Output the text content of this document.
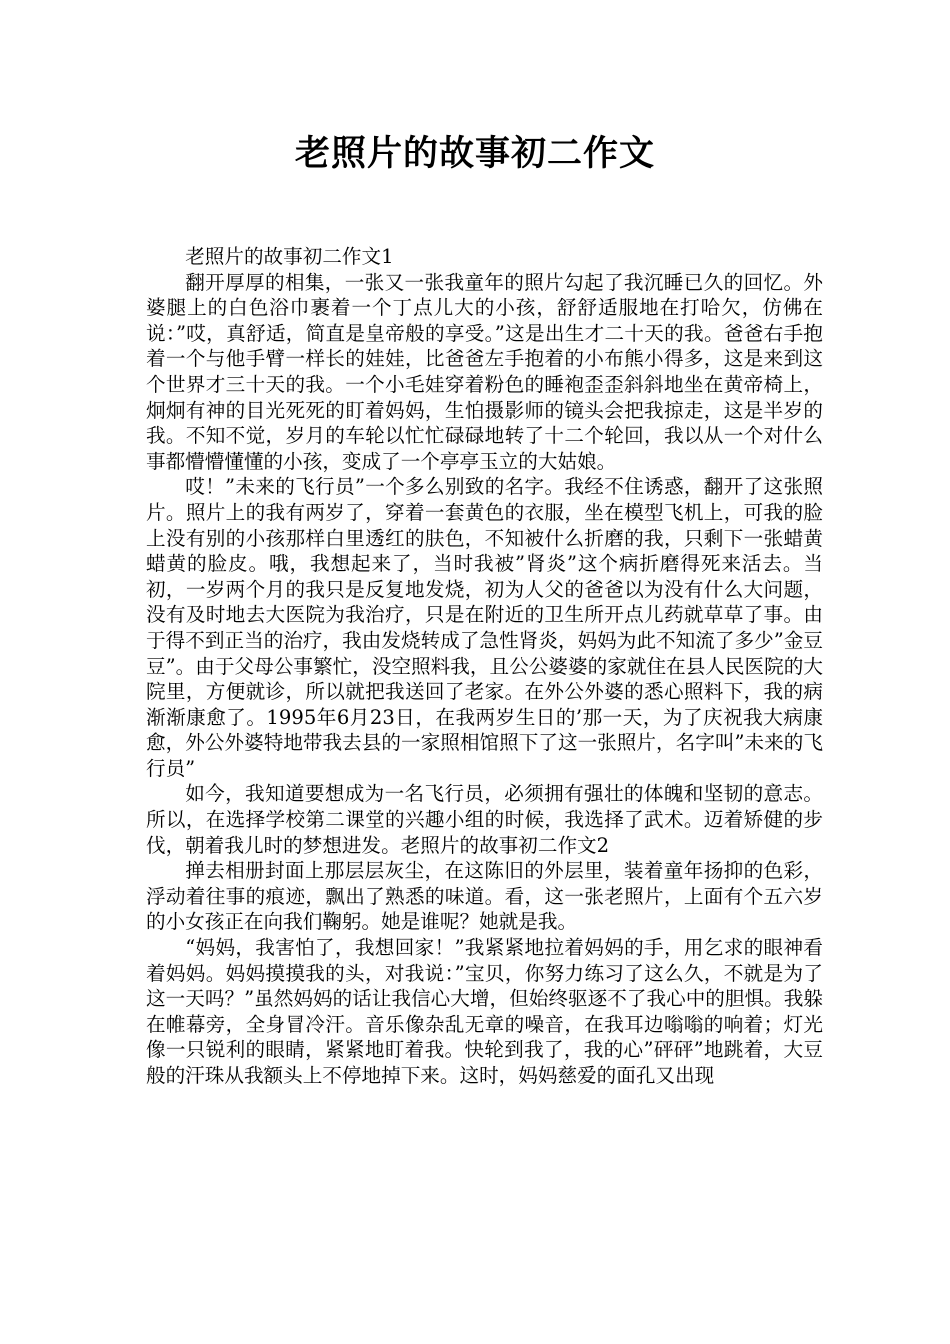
老照片的故事初二作文

老照片的故事初二作文1

翻开厚厚的相集，一张又一张我童年的照片勾起了我沉睡已久的回忆。外婆腿上的白色浴巾裹着一个丁点儿大的小孩，舒舒适服地在打哈欠，仿佛在说：”哎，真舒适，简直是皇帝般的享受。”这是出生才二十天的我。爸爸右手抱着一个与他手臂一样长的娃娃，比爸爸左手抱着的小布熊小得多，这是来到这个世界才三十天的我。一个小毛娃穿着粉色的睡袍歪歪斜斜地坐在黄帝椅上，炯炯有神的目光死死的盯着妈妈，生怕摄影师的镜头会把我掠走，这是半岁的我。不知不觉，岁月的车轮以忙忙碌碌地转了十二个轮回，我以从一个对什么事都懵懵懂懂的小孩，变成了一个亭亭玉立的大姑娘。

哎！”未来的飞行员”一个多么别致的名字。我经不住诱惑，翻开了这张照片。照片上的我有两岁了，穿着一套黄色的衣服，坐在模型飞机上，可我的脸上没有别的小孩那样白里透红的肤色，不知被什么折磨的我，只剩下一张蜡黄蜡黄的脸皮。哦，我想起来了，当时我被”肾炎”这个病折磨得死来活去。当初，一岁两个月的我只是反复地发烧，初为人父的爸爸以为没有什么大问题，没有及时地去大医院为我治疗，只是在附近的卫生所开点儿药就草草了事。由于得不到正当的治疗，我由发烧转成了急性肾炎，妈妈为此不知流了多少”金豆豆”。由于父母公事繁忙，没空照料我，且公公婆婆的家就住在县人民医院的大院里，方便就诊，所以就把我送回了老家。在外公外婆的悉心照料下，我的病渐渐康愈了。1995年6月23日，在我两岁生日的’那一天，为了庆祝我大病康愈，外公外婆特地带我去县的一家照相馆照下了这一张照片，名字叫”未来的飞行员”

如今，我知道要想成为一名飞行员，必须拥有强壮的体魄和坚韧的意志。所以，在选择学校第二课堂的兴趣小组的时候，我选择了武术。迈着矫健的步伐，朝着我儿时的梦想进发。老照片的故事初二作文2

掸去相册封面上那层层灰尘，在这陈旧的外层里，装着童年扬抑的色彩，浮动着往事的痕迹，飘出了熟悉的味道。看，这一张老照片，上面有个五六岁的小女孩正在向我们鞠躬。她是谁呢？她就是我。

“妈妈，我害怕了，我想回家！”我紧紧地拉着妈妈的手，用乞求的眼神看着妈妈。妈妈摸摸我的头，对我说：”宝贝，你努力练习了这么久，不就是为了这一天吗？”虽然妈妈的话让我信心大增，但始终驱逐不了我心中的胆惧。我躲在帷幕旁，全身冒冷汗。音乐像杂乱无章的噪音，在我耳边嗡嗡的响着；灯光像一只锐利的眼睛，紧紧地盯着我。快轮到我了，我的心”砰砰”地跳着，大豆般的汗珠从我额头上不停地掉下来。这时，妈妈慈爱的面孔又出现
